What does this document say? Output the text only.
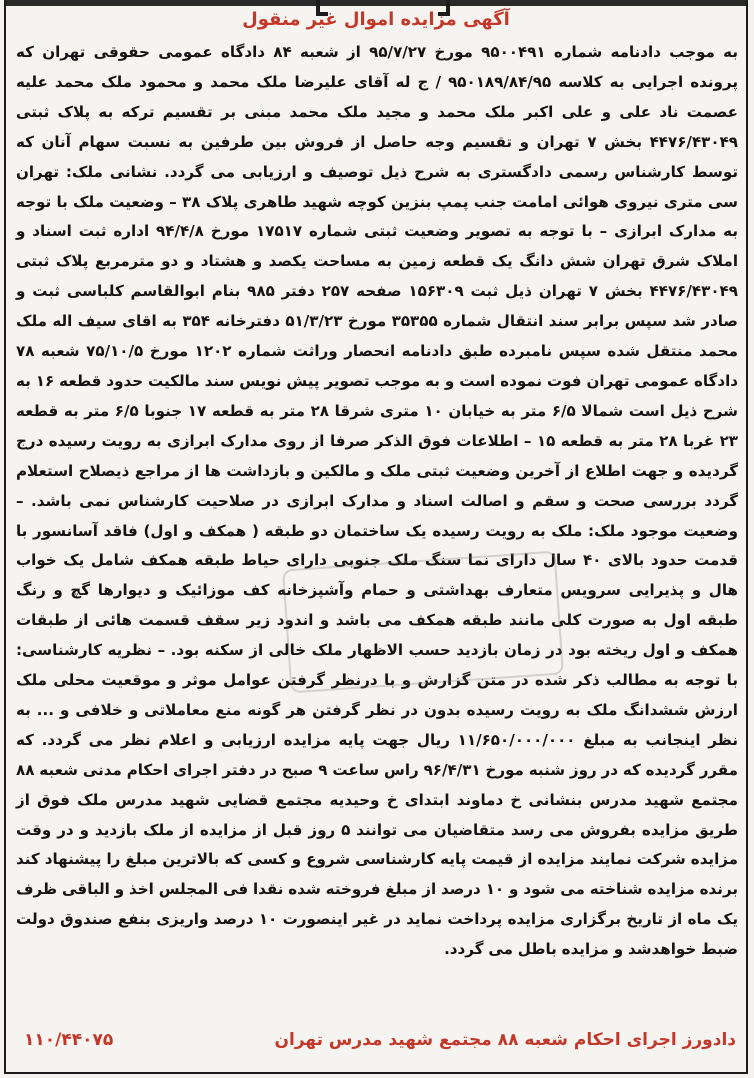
آگهی مزایده اموال غیر منقول
به موجب دادنامه شماره ۹۵۰۰۴۹۱ مورخ ۹۵/۷/۲۷ از شعبه ۸۴ دادگاه عمومی حقوقی تهران که پرونده اجرایی به کلاسه ۹۵۰۱۸۹/۸۴/۹۵ / ج له آقای علیرضا ملک محمد و محمود ملک محمد علیه عصمت ناد علی و علی اکبر ملک محمد و مجید ملک محمد مبنی بر تقسیم ترکه به پلاک ثبتی ۴۴۷۶/۴۳۰۴۹ بخش ۷ تهران و تقسیم وجه حاصل از فروش بین طرفین به نسبت سهام آنان که توسط کارشناس رسمی دادگستری به شرح ذیل توصیف و ارزیابی می گردد. نشانی ملک: تهران سی متری نیروی هوائی امامت جنب پمپ بنزین کوچه شهید طاهری پلاک ۳۸ – وضعیت ملک با توجه به مدارک ابرازی – با توجه به تصویر وضعیت ثبتی شماره ۱۷۵۱۷ مورخ ۹۴/۴/۸ اداره ثبت اسناد و املاک شرق تهران شش دانگ یک قطعه زمین به مساحت یکصد و هشتاد و دو مترمربع پلاک ثبتی ۴۴۷۶/۴۳۰۴۹ بخش ۷ تهران ذیل ثبت ۱۵۶۳۰۹ صفحه ۲۵۷ دفتر ۹۸۵ بنام ابوالقاسم کلباسی ثبت و صادر شد سپس برابر سند انتقال شماره ۳۵۳۵۵ مورخ ۵۱/۳/۲۳ دفترخانه ۳۵۴ به اقای سیف اله ملک محمد منتقل شده سپس نامبرده طبق دادنامه انحصار وراثت شماره ۱۲۰۲ مورخ ۷۵/۱۰/۵ شعبه ۷۸ دادگاه عمومی تهران فوت نموده است و به موجب تصویر پیش نویس سند مالکیت حدود قطعه ۱۶ به شرح ذیل است شمالا ۶/۵ متر به خیابان ۱۰ متری شرقا ۲۸ متر به قطعه ۱۷ جنوبا ۶/۵ متر به قطعه ۲۳ غربا ۲۸ متر به قطعه ۱۵ – اطلاعات فوق الذکر صرفا از روی مدارک ابرازی به رویت رسیده درج گردیده و جهت اطلاع از آخرین وضعیت ثبتی ملک و مالکین و بازداشت ها از مراجع ذیصلاح استعلام گردد بررسی صحت و سقم و اصالت اسناد و مدارک ابرازی در صلاحیت کارشناس نمی باشد. – وضعیت موجود ملک: ملک به رویت رسیده یک ساختمان دو طبقه ( همکف و اول) فاقد آسانسور با قدمت حدود بالای ۴۰ سال دارای نما سنگ ملک جنوبی دارای حیاط طبقه همکف شامل یک خواب هال و پذیرایی سرویس متعارف بهداشتی و حمام وآشپزخانه کف موزائیک و دیوارها گچ و رنگ طبقه اول به صورت کلی مانند طبقه همکف می باشد و اندود زیر سقف قسمت هائی از طبقات همکف و اول ریخته بود در زمان بازدید حسب الاظهار ملک خالی از سکنه بود. – نظریه کارشناسی: با توجه به مطالب ذکر شده در متن گزارش و با درنظر گرفتن عوامل موثر و موقعیت محلی ملک ارزش ششدانگ ملک به رویت رسیده بدون در نظر گرفتن هر گونه منع معاملاتی و خلافی و ... به نظر اینجانب به مبلغ ۱۱/۶۵۰/۰۰۰/۰۰۰ ریال جهت پایه مزایده ارزیابی و اعلام نظر می گردد. که مقرر گردیده که در روز شنبه مورخ ۹۶/۴/۳۱ راس ساعت ۹ صبح در دفتر اجرای احکام مدنی شعبه ۸۸ مجتمع شهید مدرس بنشانی خ دماوند ابتدای خ وحیدیه مجتمع قضایی شهید مدرس ملک فوق از طریق مزایده بفروش می رسد متقاضیان می توانند ۵ روز قبل از مزایده از ملک بازدید و در وقت مزایده شرکت نمایند مزایده از قیمت پایه کارشناسی شروع و کسی که بالاترین مبلغ را پیشنهاد کند برنده مزایده شناخته می شود و ۱۰ درصد از مبلغ فروخته شده نقدا فی المجلس اخذ و الباقی ظرف یک ماه از تاریخ برگزاری مزایده پرداخت نماید در غیر اینصورت ۱۰ درصد واریزی بنفع صندوق دولت ضبط خواهدشد و مزایده باطل می گردد.
دادورز اجرای احکام شعبه ۸۸ مجتمع شهید مدرس تهران
۱۱۰/۴۴۰۷۵
